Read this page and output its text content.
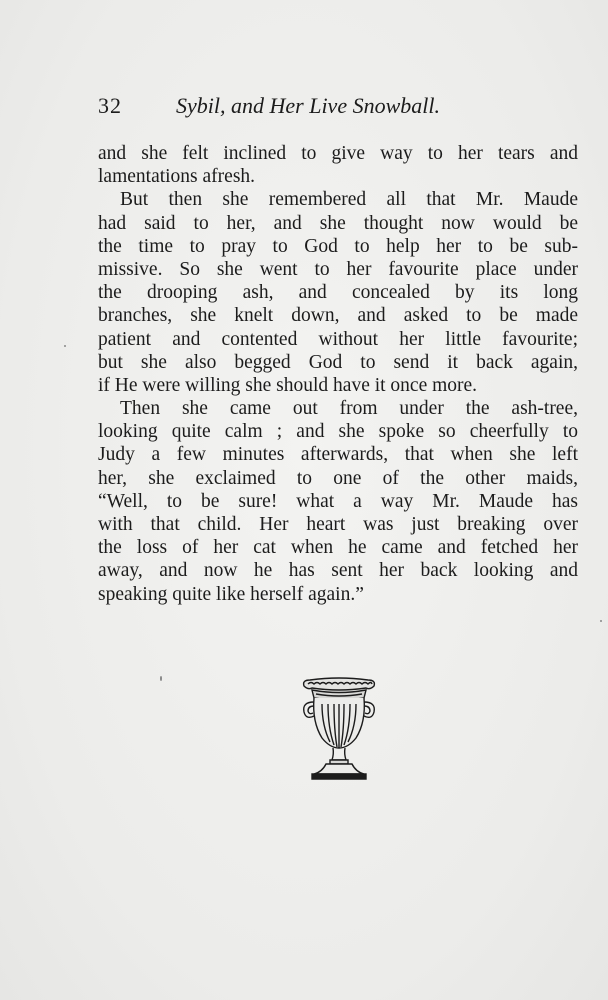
32 Sybil, and Her Live Snowball.
and she felt inclined to give way to her tears and
lamentations afresh.
But then she remembered all that Mr. Maude
had said to her, and she thought now would be
the time to pray to God to help her to be sub-
missive. So she went to her favourite place under
the drooping ash, and concealed by its long
branches, she knelt down, and asked to be made
patient and contented without her little favourite;
but she also begged God to send it back again,
if He were willing she should have it once more.
Then she came out from under the ash-tree,
looking quite calm ; and she spoke so cheerfully to
Judy a few minutes afterwards, that when she left
her, she exclaimed to one of the other maids,
“Well, to be sure! what a way Mr. Maude has
with that child. Her heart was just breaking over
the loss of her cat when he came and fetched her
away, and now he has sent her back looking and
speaking quite like herself again.”
